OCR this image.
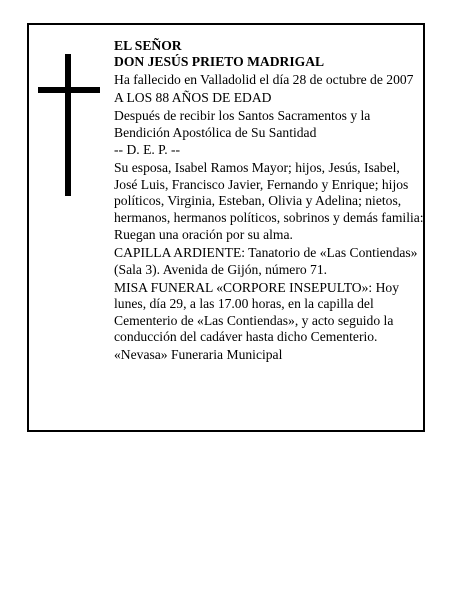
EL SEÑOR
DON JESÚS PRIETO MADRIGAL

Ha fallecido en Valladolid el día 28 de octubre de 2007

A LOS 88 AÑOS DE EDAD

Después de recibir los Santos Sacramentos y la Bendición Apostólica de Su Santidad

-- D. E. P. --

Su esposa, Isabel Ramos Mayor; hijos, Jesús, Isabel, José Luis, Francisco Javier, Fernando y Enrique; hijos políticos, Virginia, Esteban, Olivia y Adelina; nietos, hermanos, hermanos políticos, sobrinos y demás familia:

Ruegan una oración por su alma.

CAPILLA ARDIENTE: Tanatorio de «Las Contiendas» (Sala 3). Avenida de Gijón, número 71.

MISA FUNERAL «CORPORE INSEPULTO»: Hoy lunes, día 29, a las 17.00 horas, en la capilla del Cementerio de «Las Contiendas», y acto seguido la conducción del cadáver hasta dicho Cementerio.

«Nevasa» Funeraria Municipal
